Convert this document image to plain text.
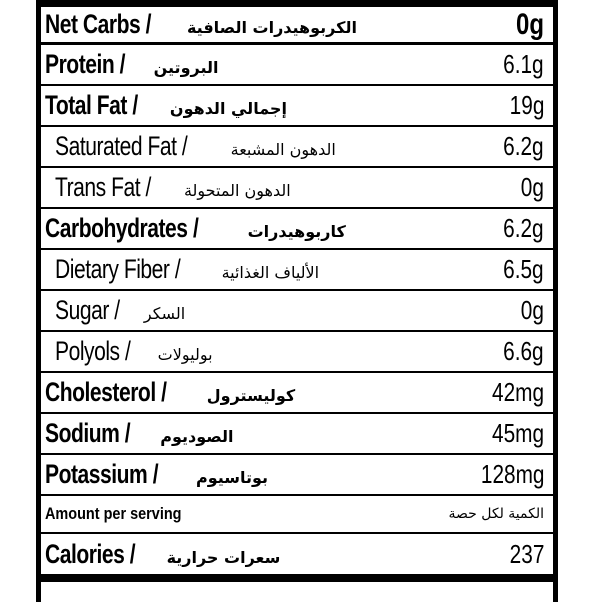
Net Carbs / الكربوهيدرات الصافية	0g
Protein / البروتين	6.1g
Total Fat / إجمالي الدهون	19g
Saturated Fat /	الدهون المشبعة	6.2g
Trans Fat / الدهون المتحولة	0g
Carbohydrates /	كاربوهيدرات	6.2g
Dietary Fiber /	الألياف الغذائية	6.5g
Sugar / السكر	0g
Polyols / بوليولات	6.6g
Cholesterol /	كوليسترول	42mg
Sodium / الصوديوم	45mg
Potassium / بوتاسيوم	128mg
Amount per serving	الكمية لكل حصة
Calories / سعرات حرارية	237
